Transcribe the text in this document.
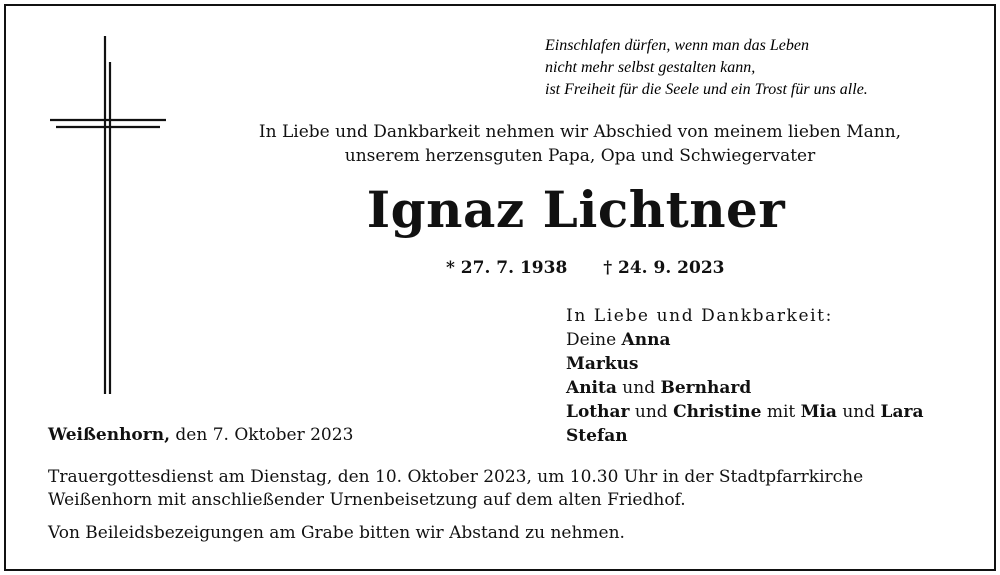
Einschlafen dürfen, wenn man das Leben
nicht mehr selbst gestalten kann,
ist Freiheit für die Seele und ein Trost für uns alle.
In Liebe und Dankbarkeit nehmen wir Abschied von meinem lieben Mann,
unserem herzensguten Papa, Opa und Schwiegervater
Ignaz Lichtner
* 27. 7. 1938 † 24. 9. 2023
In Liebe und Dankbarkeit:
Deine Anna
Markus
Anita und Bernhard
Lothar und Christine mit Mia und Lara
Stefan
Weißenhorn, den 7. Oktober 2023
Trauergottesdienst am Dienstag, den 10. Oktober 2023, um 10.30 Uhr in der Stadtpfarrkirche
Weißenhorn mit anschließender Urnenbeisetzung auf dem alten Friedhof.
Von Beileidsbezeigungen am Grabe bitten wir Abstand zu nehmen.
